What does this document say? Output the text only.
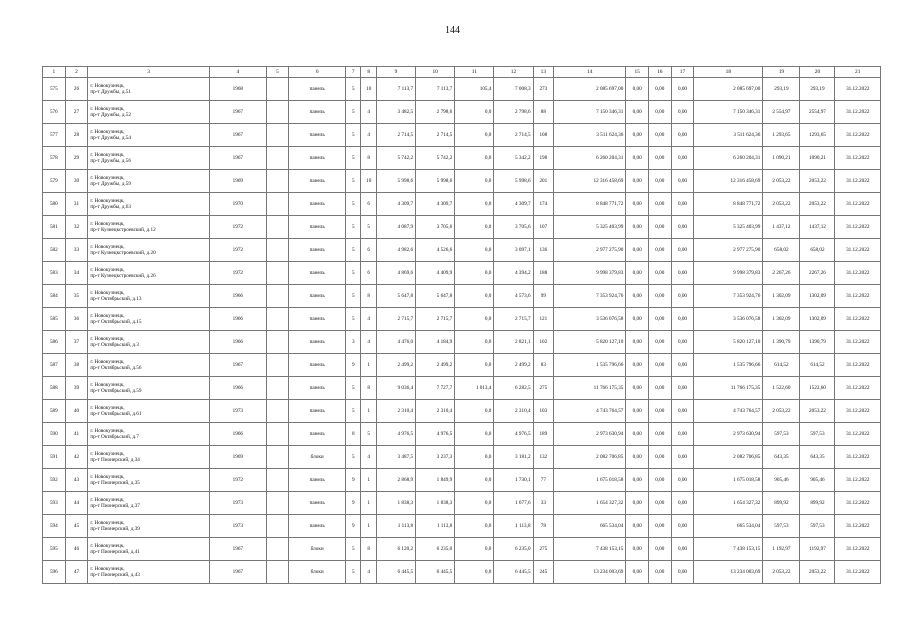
144
1	2	3	4	5	6	7	8	9	10	11	12	13	14	15	16	17	18	19	20	21
575	26	г. Новокузнецк,
пр-т Дружбы, д.51	1968		панель	5	10	7 113,7	7 113,7	105,4	7 008,3	273	2 085 697,00	0,00	0,00	0,00	2 085 697,00	293,19	293,19	31.12.2022
576	27	г. Новокузнецк,
пр-т Дружбы, д.52	1967		панель	5	4	3 482,5	2 798,6	0,0	2 798,6	88	7 150 346,31	0,00	0,00	0,00	7 150 346,31	2 554,97	2554,97	31.12.2022
577	28	г. Новокузнецк,
пр-т Дружбы, д.54	1967		панель	5	4	2 714,5	2 714,5	0,0	2 714,5	108	3 511 624,36	0,00	0,00	0,00	3 511 624,36	1 293,65	1293,65	31.12.2022
578	29	г. Новокузнецк,
пр-т Дружбы, д.56	1967		панель	5	8	5 742,2	5 742,2	0,0	5 342,2	198	6 260 204,31	0,00	0,00	0,00	6 260 204,31	1 090,21	1090,21	31.12.2022
579	30	г. Новокузнецк,
пр-т Дружбы, д.59	1969		панель	5	10	5 998,6	5 998,6	0,0	5 998,6	201	12 316 458,69	0,00	0,00	0,00	12 316 458,69	2 053,22	2053,22	31.12.2022
580	31	г. Новокузнецк,
пр-т Дружбы, д.63	1970		панель	5	6	4 309,7	4 309,7	0,0	4 309,7	174	8 848 771,72	0,00	0,00	0,00	8 848 771,72	2 053,22	2053,22	31.12.2022
581	32	г. Новокузнецк,
пр-т Кузнецкстроевский, д.12	1972		панель	5	5	4 087,9	3 705,6	0,0	3 705,6	107	5 325 403,99	0,00	0,00	0,00	5 325 403,99	1 437,12	1437,12	31.12.2022
582	33	г. Новокузнецк,
пр-т Кузнецкстроевский, д.20	1972		панель	5	6	4 982,6	4 526,6	0,0	3 097,1	136	2 977 275,90	0,00	0,00	0,00	2 977 275,90	658,02	658,02	31.12.2022
583	34	г. Новокузнецк,
пр-т Кузнецкстроевский, д.26	1972		панель	5	6	4 869,6	4 409,9	0,0	4 394,2	188	9 998 379,83	0,00	0,00	0,00	9 998 379,83	2 267,26	2267,26	31.12.2022
584	35	г. Новокузнецк,
пр-т Октябрьский, д.13	1966		панель	5	8	5 647,8	5 647,8	0,0	4 573,6	99	7 353 924,76	0,00	0,00	0,00	7 353 924,76	1 302,09	1302,09	31.12.2022
585	36	г. Новокузнецк,
пр-т Октябрьский, д.15	1966		панель	5	4	2 715,7	2 715,7	0,0	2 715,7	121	3 536 076,58	0,00	0,00	0,00	3 536 076,58	1 302,09	1302,09	31.12.2022
586	37	г. Новокузнецк,
пр-т Октябрьский, д.3	1966		панель	3	4	4 476,0	4 184,9	0,0	2 821,1	102	5 820 127,10	0,00	0,00	0,00	5 820 127,10	1 390,79	1390,79	31.12.2022
587	38	г. Новокузнецк,
пр-т Октябрьский, д.56	1967		панель	9	1	2 499,2	2 499,2	0,0	2 499,2	83	1 535 796,66	0,00	0,00	0,00	1 535 796,66	614,52	614,52	31.12.2022
588	39	г. Новокузнецк,
пр-т Октябрьский, д.59	1966		панель	5	8	9 036,4	7 727,7	1 013,4	6 282,5	275	11 766 175,35	0,00	0,00	0,00	11 766 175,35	1 522,60	1522,60	31.12.2022
589	40	г. Новокузнецк,
пр-т Октябрьский, д.61	1973		панель	5	1	2 310,4	2 310,4	0,0	2 310,4	103	4 743 764,57	0,00	0,00	0,00	4 743 764,57	2 053,22	2053,22	31.12.2022
590	41	г. Новокузнецк,
пр-т Октябрьский, д.7	1966		панель	8	5	4 976,5	4 976,5	0,0	4 976,5	189	2 973 630,94	0,00	0,00	0,00	2 973 630,94	597,53	597,53	31.12.2022
591	42	г. Новокузнецк,
пр-т Пионерский, д.34	1969		блоки	5	4	3 487,5	3 237,3	0,0	3 181,2	132	2 082 706,85	0,00	0,00	0,00	2 082 706,85	643,35	643,35	31.12.2022
592	43	г. Новокузнецк,
пр-т Пионерский, д.35	1972		панель	9	1	2 868,9	1 849,9	0,0	1 730,1	77	1 675 018,58	0,00	0,00	0,00	1 675 018,58	905,46	905,46	31.12.2022
593	44	г. Новокузнецк,
пр-т Пионерский, д.37	1973		панель	9	1	1 838,3	1 838,3	0,0	1 677,6	33	1 654 327,32	0,00	0,00	0,00	1 654 327,32	899,92	899,92	31.12.2022
594	45	г. Новокузнецк,
пр-т Пионерский, д.39	1973		панель	9	1	1 113,8	1 113,8	0,0	1 113,8	78	665 534,04	0,00	0,00	0,00	665 534,04	597,53	597,53	31.12.2022
595	46	г. Новокузнецк,
пр-т Пионерский, д.41	1967		блоки	5	8	6 120,2	6 235,0	0,0	6 235,0	275	7 438 153,15	0,00	0,00	0,00	7 438 153,15	1 192,97	1192,97	31.12.2022
596	47	г. Новокузнецк,
пр-т Пионерский, д.43	1967		блоки	5	4	6 445,5	6 445,5	0,0	6 445,5	245	13 234 003,69	0,00	0,00	0,00	13 234 003,69	2 053,22	2053,22	31.12.2022
